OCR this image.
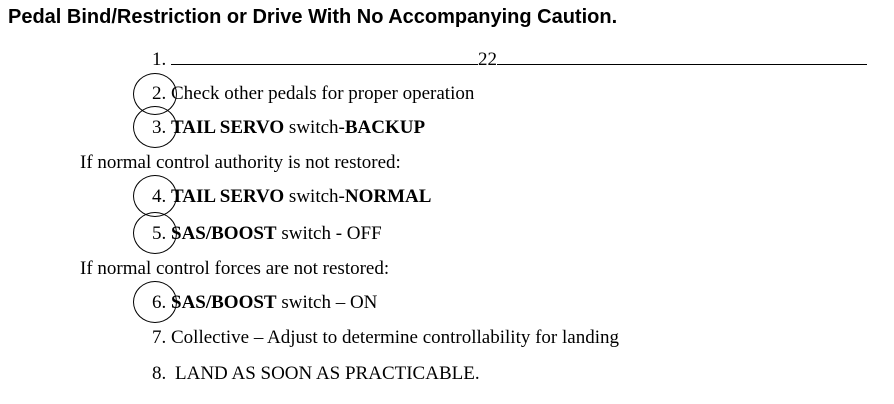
Pedal Bind/Restriction or Drive With No Accompanying Caution.
1.	22
2. Check other pedals for proper operation
3. TAIL SERVO switch-BACKUP
If normal control authority is not restored:
4. TAIL SERVO switch-NORMAL
5. SAS/BOOST switch - OFF
If normal control forces are not restored:
6. SAS/BOOST switch – ON
7. Collective – Adjust to determine controllability for landing
8. LAND AS SOON AS PRACTICABLE.
